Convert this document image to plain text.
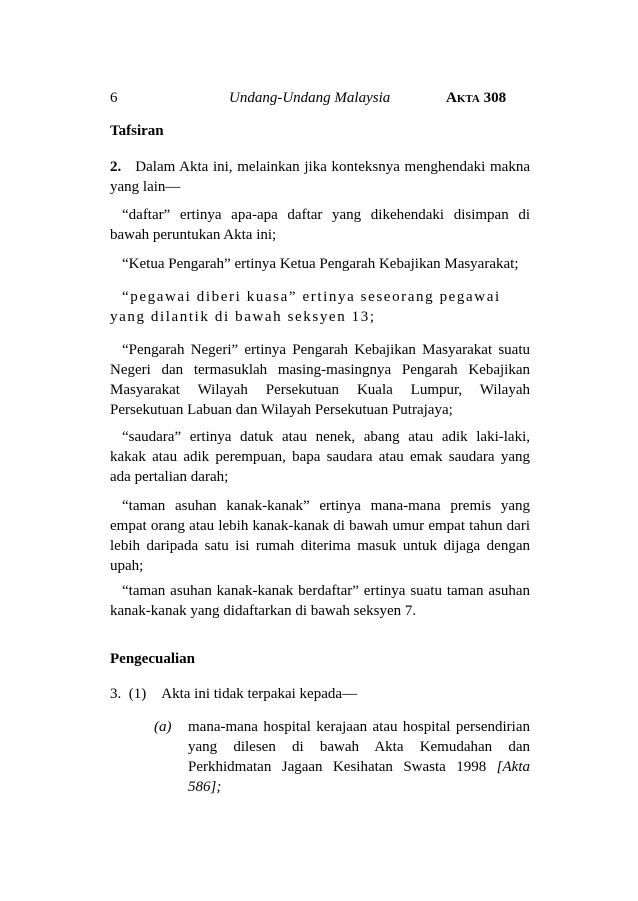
6	Undang-Undang Malaysia	Akta 308
Tafsiran
2. Dalam Akta ini, melainkan jika konteksnya menghendaki makna yang lain—
“daftar” ertinya apa-apa daftar yang dikehendaki disimpan di bawah peruntukan Akta ini;
“Ketua Pengarah” ertinya Ketua Pengarah Kebajikan Masyarakat;
“pegawai diberi kuasa” ertinya seseorang pegawai yang dilantik di bawah seksyen 13;
“Pengarah Negeri” ertinya Pengarah Kebajikan Masyarakat suatu Negeri dan termasuklah masing-masingnya Pengarah Kebajikan Masyarakat Wilayah Persekutuan Kuala Lumpur, Wilayah Persekutuan Labuan dan Wilayah Persekutuan Putrajaya;
“saudara” ertinya datuk atau nenek, abang atau adik laki-laki, kakak atau adik perempuan, bapa saudara atau emak saudara yang ada pertalian darah;
“taman asuhan kanak-kanak” ertinya mana-mana premis yang empat orang atau lebih kanak-kanak di bawah umur empat tahun dari lebih daripada satu isi rumah diterima masuk untuk dijaga dengan upah;
“taman asuhan kanak-kanak berdaftar” ertinya suatu taman asuhan kanak-kanak yang didaftarkan di bawah seksyen 7.
Pengecualian
3. (1) Akta ini tidak terpakai kepada—
(a) mana-mana hospital kerajaan atau hospital persendirian yang dilesen di bawah Akta Kemudahan dan Perkhidmatan Jagaan Kesihatan Swasta 1998 [Akta 586];
